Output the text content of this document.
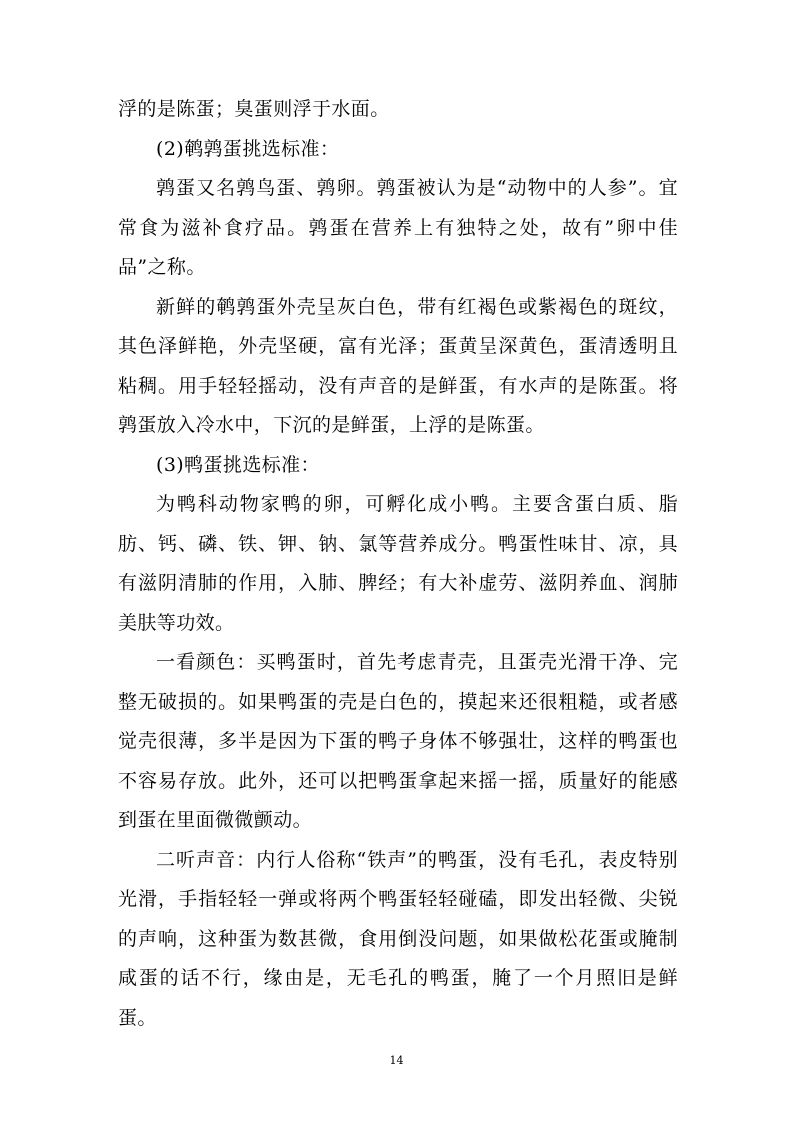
浮的是陈蛋；臭蛋则浮于水面。

(2)鹌鹑蛋挑选标准：

鹑蛋又名鹑鸟蛋、鹑卵。鹑蛋被认为是“动物中的人参”。宜常食为滋补食疗品。鹑蛋在营养上有独特之处，故有”卵中佳品”之称。

新鲜的鹌鹑蛋外壳呈灰白色，带有红褐色或紫褐色的斑纹，其色泽鲜艳，外壳坚硬，富有光泽；蛋黄呈深黄色，蛋清透明且粘稠。用手轻轻摇动，没有声音的是鲜蛋，有水声的是陈蛋。将鹑蛋放入冷水中，下沉的是鲜蛋，上浮的是陈蛋。

(3)鸭蛋挑选标准：

为鸭科动物家鸭的卵，可孵化成小鸭。主要含蛋白质、脂肪、钙、磷、铁、钾、钠、氯等营养成分。鸭蛋性味甘、凉，具有滋阴清肺的作用，入肺、脾经；有大补虚劳、滋阴养血、润肺美肤等功效。

一看颜色：买鸭蛋时，首先考虑青壳，且蛋壳光滑干净、完整无破损的。如果鸭蛋的壳是白色的，摸起来还很粗糙，或者感觉壳很薄，多半是因为下蛋的鸭子身体不够强壮，这样的鸭蛋也不容易存放。此外，还可以把鸭蛋拿起来摇一摇，质量好的能感到蛋在里面微微颤动。

二听声音：内行人俗称“铁声”的鸭蛋，没有毛孔，表皮特别光滑，手指轻轻一弹或将两个鸭蛋轻轻碰磕，即发出轻微、尖锐的声响，这种蛋为数甚微，食用倒没问题，如果做松花蛋或腌制咸蛋的话不行，缘由是，无毛孔的鸭蛋，腌了一个月照旧是鲜蛋。

14
